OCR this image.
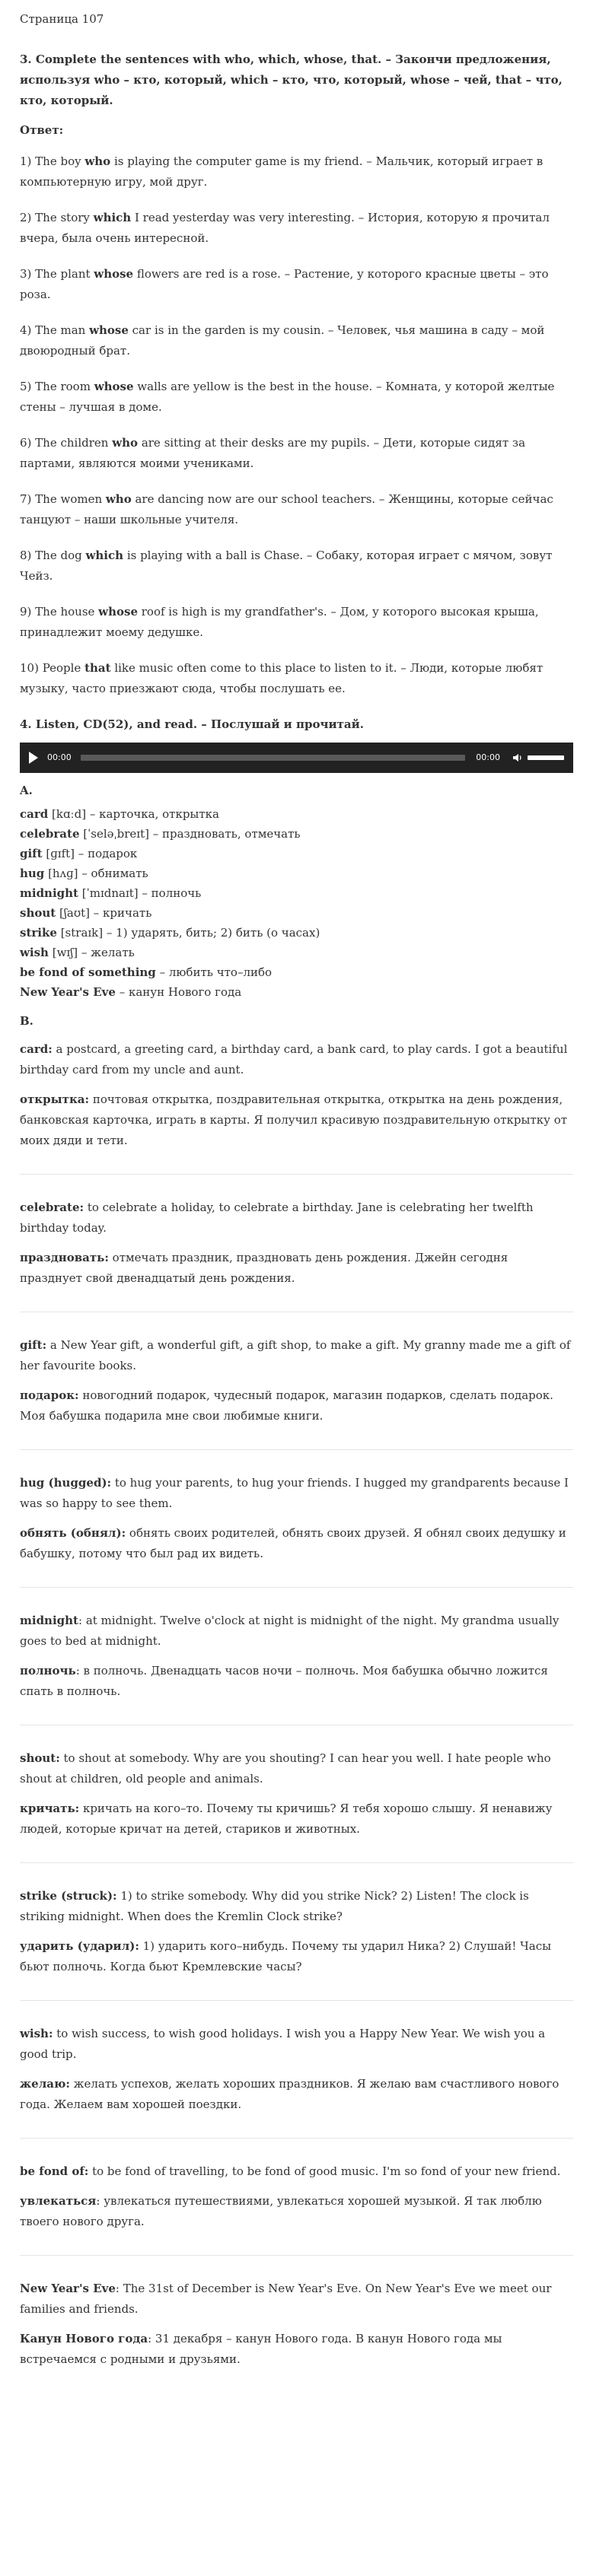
Страница 107

3. Complete the sentences with who, which, whose, that. – Закончи предложения, используя who – кто, который, which – кто, что, который, whose – чей, that – что, кто, который.

Ответ:

1) The boy who is playing the computer game is my friend. – Мальчик, который играет в компьютерную игру, мой друг.

2) The story which I read yesterday was very interesting. – История, которую я прочитал вчера, была очень интересной.

3) The plant whose flowers are red is a rose. – Растение, у которого красные цветы – это роза.

4) The man whose car is in the garden is my cousin. – Человек, чья машина в саду – мой двоюродный брат.

5) The room whose walls are yellow is the best in the house. – Комната, у которой желтые стены – лучшая в доме.

6) The children who are sitting at their desks are my pupils. – Дети, которые сидят за партами, являются моими учениками.

7) The women who are dancing now are our school teachers. – Женщины, которые сейчас танцуют – наши школьные учителя.

8) The dog which is playing with a ball is Chase. – Собаку, которая играет с мячом, зовут Чейз.

9) The house whose roof is high is my grandfather's. – Дом, у которого высокая крыша, принадлежит моему дедушке.

10) People that like music often come to this place to listen to it. – Люди, которые любят музыку, часто приезжают сюда, чтобы послушать ее.

4. Listen, CD(52), and read. – Послушай и прочитай.

00:00	00:00

A.

card [kɑːd] – карточка, открытка
celebrate [ˈseləˌbreɪt] – праздновать, отмечать
gift [ɡɪft] – подарок
hug [hʌɡ] – обнимать
midnight [ˈmɪdnaɪt] – полночь
shout [ʃaʊt] – кричать
strike [straɪk] – 1) ударять, бить; 2) бить (о часах)
wish [wɪʃ] – желать
be fond of something – любить что–либо
New Year's Eve – канун Нового года

B.

card: a postcard, a greeting card, a birthday card, a bank card, to play cards. I got a beautiful birthday card from my uncle and aunt.

открытка: почтовая открытка, поздравительная открытка, открытка на день рождения, банковская карточка, играть в карты. Я получил красивую поздравительную открытку от моих дяди и тети.

celebrate: to celebrate a holiday, to celebrate a birthday. Jane is celebrating her twelfth birthday today.

праздновать: отмечать праздник, праздновать день рождения. Джейн сегодня празднует свой двенадцатый день рождения.

gift: a New Year gift, a wonderful gift, a gift shop, to make a gift. My granny made me a gift of her favourite books.

подарок: новогодний подарок, чудесный подарок, магазин подарков, сделать подарок. Моя бабушка подарила мне свои любимые книги.

hug (hugged): to hug your parents, to hug your friends. I hugged my grandparents because I was so happy to see them.

обнять (обнял): обнять своих родителей, обнять своих друзей. Я обнял своих дедушку и бабушку, потому что был рад их видеть.

midnight: at midnight. Twelve o'clock at night is midnight of the night. My grandma usually goes to bed at midnight.

полночь: в полночь. Двенадцать часов ночи – полночь. Моя бабушка обычно ложится спать в полночь.

shout: to shout at somebody. Why are you shouting? I can hear you well. I hate people who shout at children, old people and animals.

кричать: кричать на кого–то. Почему ты кричишь? Я тебя хорошо слышу. Я ненавижу людей, которые кричат на детей, стариков и животных.

strike (struck): 1) to strike somebody. Why did you strike Nick? 2) Listen! The clock is striking midnight. When does the Kremlin Clock strike?

ударить (ударил): 1) ударить кого–нибудь. Почему ты ударил Ника? 2) Слушай! Часы бьют полночь. Когда бьют Кремлевские часы?

wish: to wish success, to wish good holidays. I wish you a Happy New Year. We wish you a good trip.

желаю: желать успехов, желать хороших праздников. Я желаю вам счастливого нового года. Желаем вам хорошей поездки.

be fond of: to be fond of travelling, to be fond of good music. I'm so fond of your new friend.

увлекаться: увлекаться путешествиями, увлекаться хорошей музыкой. Я так люблю твоего нового друга.

New Year's Eve: The 31st of December is New Year's Eve. On New Year's Eve we meet our families and friends.

Канун Нового года: 31 декабря – канун Нового года. В канун Нового года мы встречаемся с родными и друзьями.
